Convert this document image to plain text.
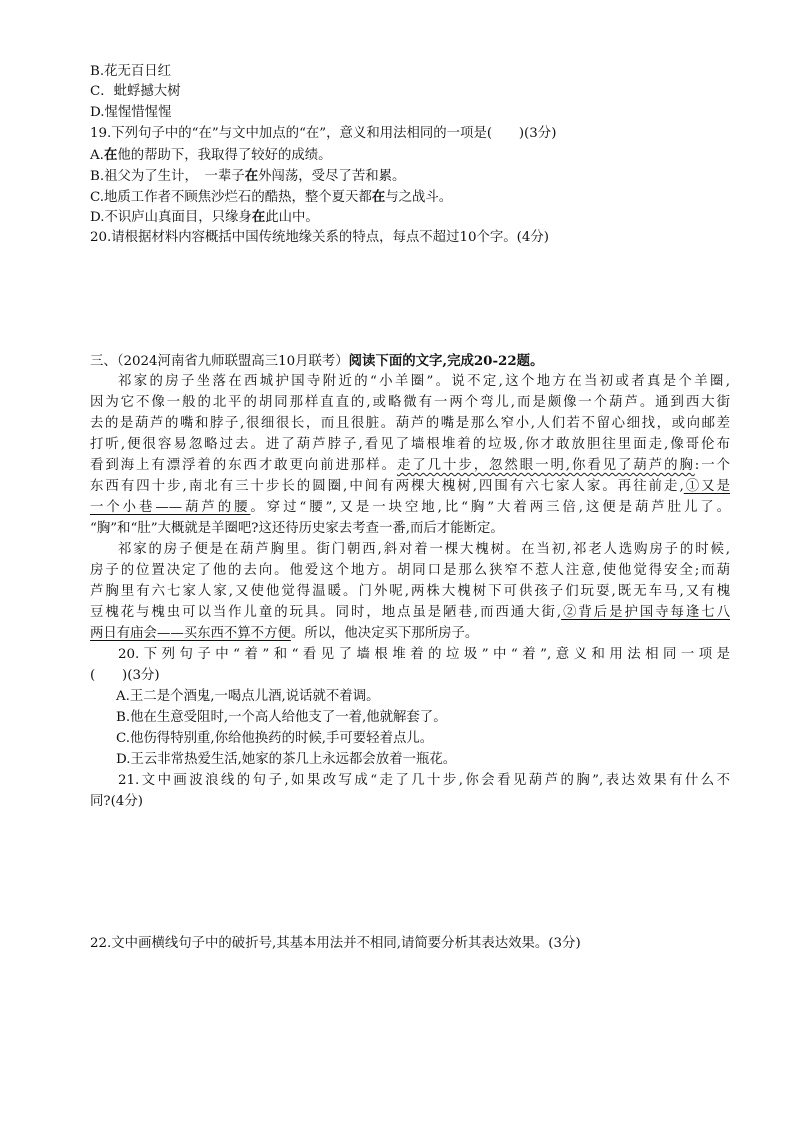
B.花无百日红
C．蚍蜉撼大树
D.惺惺惜惺惺
19.下列句子中的“在”与文中加点的“在”，意义和用法相同的一项是(　　)(3分)
A.在他的帮助下，我取得了较好的成绩。
B.祖父为了生计，　一辈子在外闯荡，受尽了苦和累。
C.地质工作者不顾焦沙烂石的酷热，整个夏天都在与之战斗。
D.不识庐山真面目，只缘身在此山中。
20.请根据材料内容概括中国传统地缘关系的特点，每点不超过10个字。(4分)
三、（2024河南省九师联盟高三10月联考）阅读下面的文字,完成20-22题。
祁家的房子坐落在西城护国寺附近的“小羊圈”。说不定,这个地方在当初或者真是个羊圈,
因为它不像一般的北平的胡同那样直直的,或略微有一两个弯儿,而是颇像一个葫芦。通到西大街
去的是葫芦的嘴和脖子,很细很长，而且很脏。葫芦的嘴是那么窄小,人们若不留心细找，或向邮差
打听,便很容易忽略过去。进了葫芦脖子,看见了墙根堆着的垃圾,你才敢放胆往里面走,像哥伦布
看到海上有漂浮着的东西才敢更向前进那样。走了几十步，忽然眼一明,你看见了葫芦的胸:一个
东西有四十步,南北有三十步长的圆圈,中间有两棵大槐树,四围有六七家人家。再往前走,①又是
一个小巷——葫芦的腰。穿过“腰”,又是一块空地,比“胸”大着两三倍,这便是葫芦肚儿了。
“胸”和“肚”大概就是羊圈吧?这还待历史家去考查一番,而后才能断定。
祁家的房子便是在葫芦胸里。街门朝西,斜对着一棵大槐树。在当初,祁老人选购房子的时候,
房子的位置决定了他的去向。他爱这个地方。胡同口是那么狭窄不惹人注意,使他觉得安全;而葫
芦胸里有六七家人家,又使他觉得温暖。门外呢,两株大槐树下可供孩子们玩耍,既无车马,又有槐
豆槐花与槐虫可以当作儿童的玩具。同时，地点虽是陋巷,而西通大街,②背后是护国寺每逢七八
两日有庙会——买东西不算不方便。所以，他决定买下那所房子。
20.下列句子中“着”和“看见了墙根堆着的垃圾”中“着”,意义和用法相同一项是
(　　)(3分)
A.王二是个酒鬼,一喝点儿酒,说话就不着调。
B.他在生意受阻时,一个高人给他支了一着,他就解套了。
C.他伤得特别重,你给他换药的时候,手可要轻着点儿。
D.王云非常热爱生活,她家的茶几上永远都会放着一瓶花。
21.文中画波浪线的句子,如果改写成“走了几十步,你会看见葫芦的胸”,表达效果有什么不
同?(4分)
22.文中画横线句子中的破折号,其基本用法并不相同,请简要分析其表达效果。(3分)
